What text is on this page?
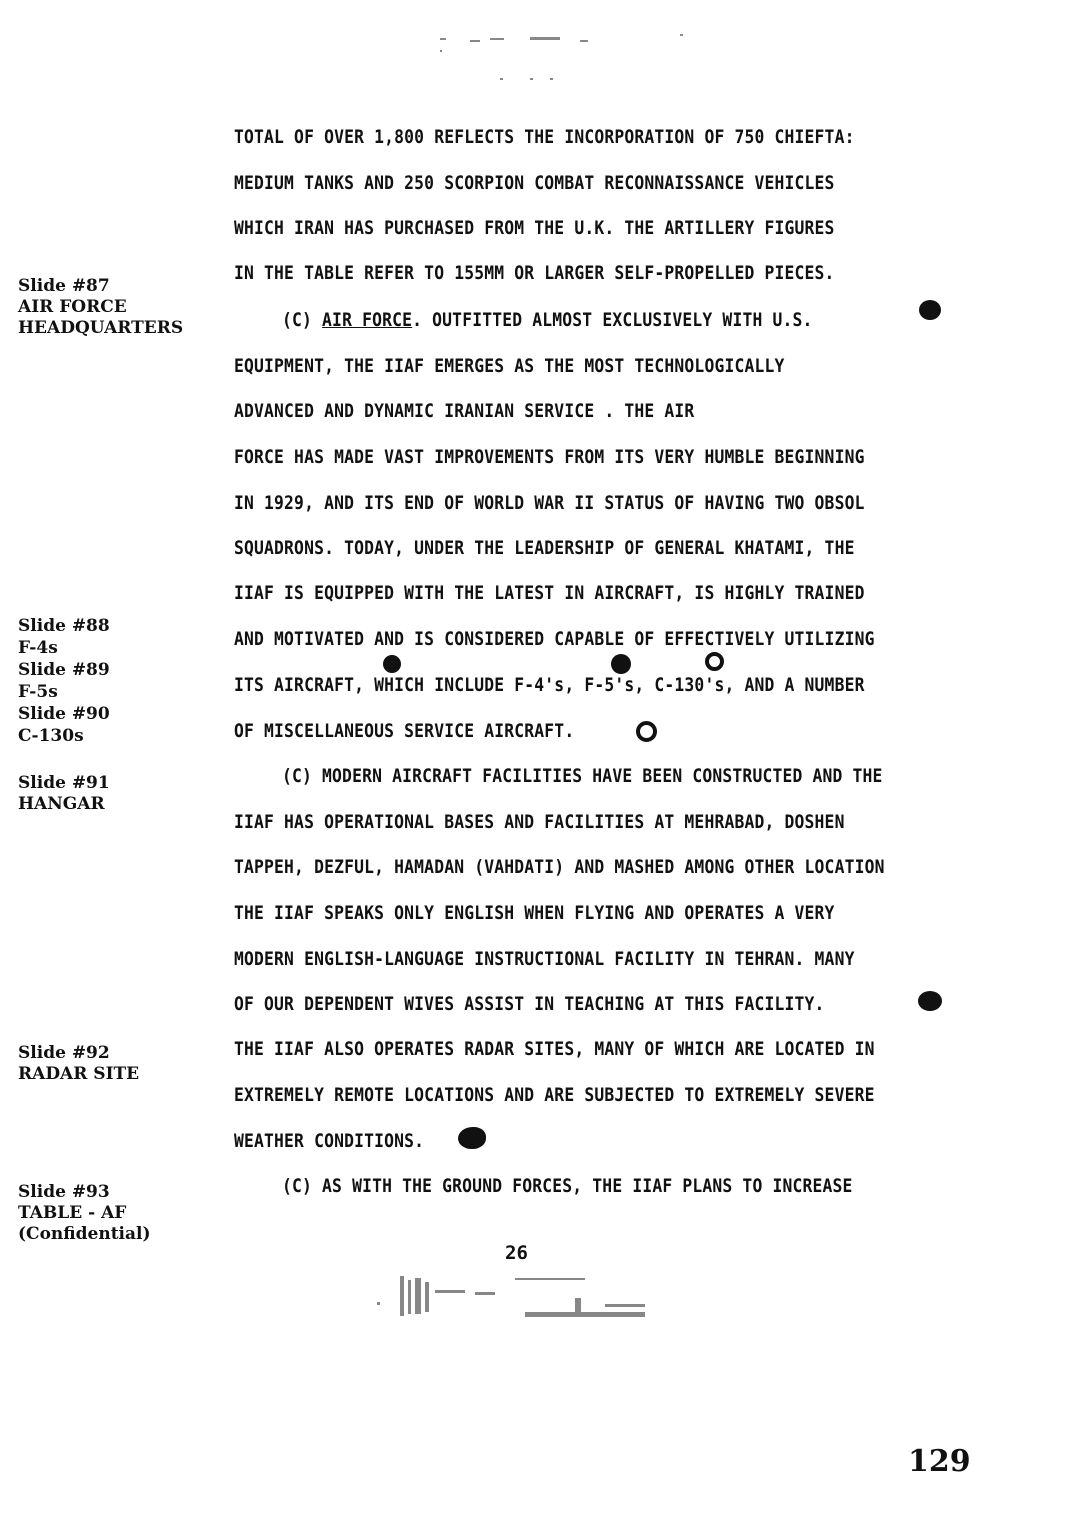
TOTAL OF OVER 1,800 REFLECTS THE INCORPORATION OF 750 CHIEFTA:
MEDIUM TANKS AND 250 SCORPION COMBAT RECONNAISSANCE VEHICLES
WHICH IRAN HAS PURCHASED FROM THE U.K. THE ARTILLERY FIGURES
IN THE TABLE REFER TO 155MM OR LARGER SELF-PROPELLED PIECES.
(C) AIR FORCE. OUTFITTED ALMOST EXCLUSIVELY WITH U.S.
EQUIPMENT, THE IIAF EMERGES AS THE MOST TECHNOLOGICALLY
ADVANCED AND DYNAMIC IRANIAN SERVICE . THE AIR
FORCE HAS MADE VAST IMPROVEMENTS FROM ITS VERY HUMBLE BEGINNING
IN 1929, AND ITS END OF WORLD WAR II STATUS OF HAVING TWO OBSOL
SQUADRONS. TODAY, UNDER THE LEADERSHIP OF GENERAL KHATAMI, THE
IIAF IS EQUIPPED WITH THE LATEST IN AIRCRAFT, IS HIGHLY TRAINED
AND MOTIVATED AND IS CONSIDERED CAPABLE OF EFFECTIVELY UTILIZING
ITS AIRCRAFT, WHICH INCLUDE F-4's, F-5's, C-130's, AND A NUMBER
OF MISCELLANEOUS SERVICE AIRCRAFT.
(C) MODERN AIRCRAFT FACILITIES HAVE BEEN CONSTRUCTED AND THE
IIAF HAS OPERATIONAL BASES AND FACILITIES AT MEHRABAD, DOSHEN
TAPPEH, DEZFUL, HAMADAN (VAHDATI) AND MASHED AMONG OTHER LOCATION
THE IIAF SPEAKS ONLY ENGLISH WHEN FLYING AND OPERATES A VERY
MODERN ENGLISH-LANGUAGE INSTRUCTIONAL FACILITY IN TEHRAN. MANY
OF OUR DEPENDENT WIVES ASSIST IN TEACHING AT THIS FACILITY.
THE IIAF ALSO OPERATES RADAR SITES, MANY OF WHICH ARE LOCATED IN
EXTREMELY REMOTE LOCATIONS AND ARE SUBJECTED TO EXTREMELY SEVERE
WEATHER CONDITIONS.
(C) AS WITH THE GROUND FORCES, THE IIAF PLANS TO INCREASE
Slide #87
AIR FORCE
HEADQUARTERS
Slide #88
F-4s
Slide #89
F-5s
Slide #90
C-130s
Slide #91
HANGAR
Slide #92
RADAR SITE
Slide #93
TABLE - AF
(Confidential)
26
129
